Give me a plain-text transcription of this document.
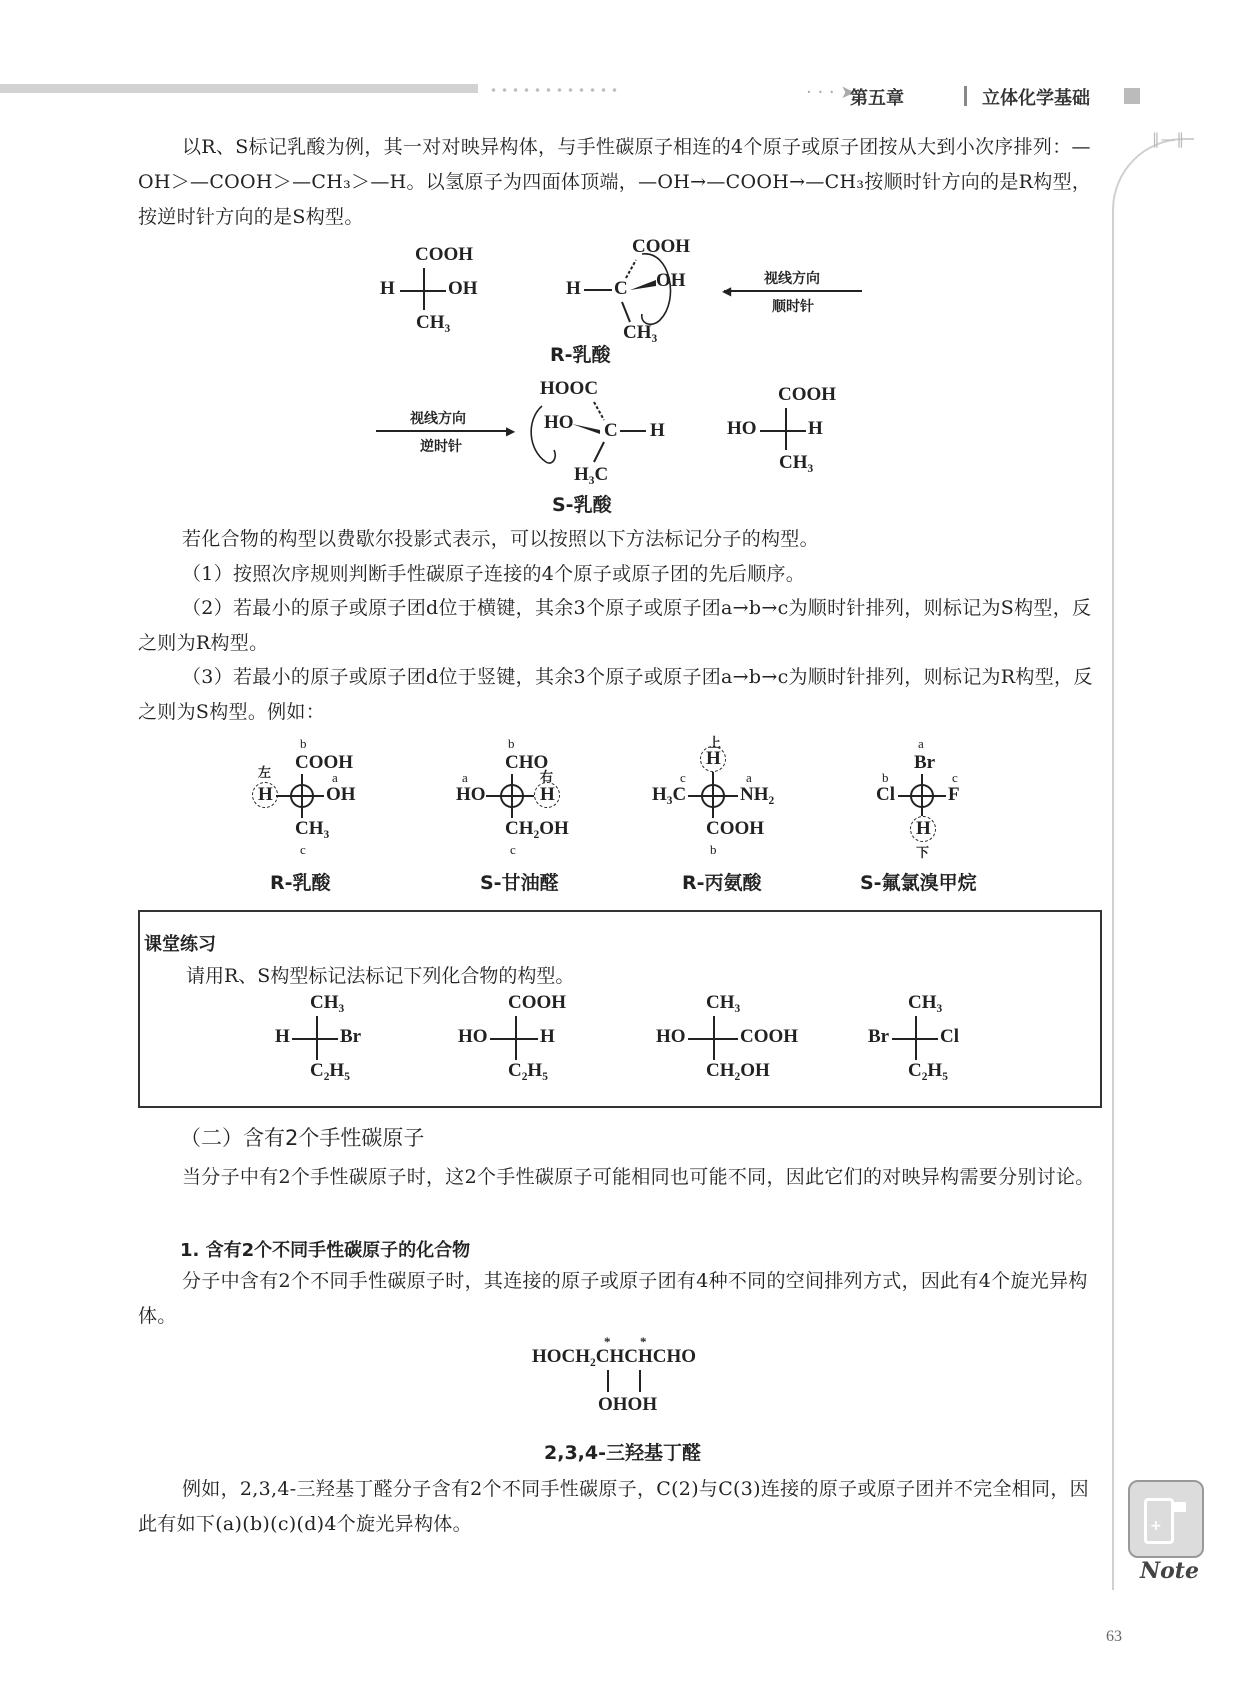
· · · ➤
第五章	立体化学基础
‖—‖

以R、S标记乳酸为例，其一对对映异构体，与手性碳原子相连的4个原子或原子团按从大到小次序排列：—OH＞—COOH＞—CH₃＞—H。以氢原子为四面体顶端，—OH→—COOH→—CH₃按顺时针方向的是R构型，按逆时针方向的是S构型。

COOH
H	OH
CH₃
COOH
H C OH
CH₃
视线方向
◀
顺时针
R-乳酸
视线方向
▶
逆时针
HOOC
HO C H
H₃C
COOH
HO	H
CH₃
S-乳酸

若化合物的构型以费歇尔投影式表示，可以按照以下方法标记分子的构型。

（1）按照次序规则判断手性碳原子连接的4个原子或原子团的先后顺序。

（2）若最小的原子或原子团d位于横键，其余3个原子或原子团a→b→c为顺时针排列，则标记为S构型，反之则为R构型。

（3）若最小的原子或原子团d位于竖键，其余3个原子或原子团a→b→c为顺时针排列，则标记为R构型，反之则为S构型。例如：

b
COOH
左	a
H	OH
CH₃
c
R-乳酸
b
CHO
右
a
HO	H
CH₂OH
c
S-甘油醛
上
H
c	a
H₃C	NH₂
COOH
b
R-丙氨酸
a
Br
b	c
Cl	F
H
下
S-氟氯溴甲烷
课堂练习
请用R、S构型标记法标记下列化合物的构型。
CH₃
H	Br
C₂H₅
COOH
HO	H
C₂H₅
CH₃
HO	COOH
CH₂OH
CH₃
Br	Cl
C₂H₅
（二）含有2个手性碳原子

当分子中有2个手性碳原子时，这2个手性碳原子可能相同也可能不同，因此它们的对映异构需要分别讨论。

1. 含有2个不同手性碳原子的化合物

分子中含有2个不同手性碳原子时，其连接的原子或原子团有4种不同的空间排列方式，因此有4个旋光异构体。

* *
HOCH₂CHCHCHO
OHOH
2,3,4-三羟基丁醛

例如，2,3,4-三羟基丁醛分子含有2个不同手性碳原子，C(2)与C(3)连接的原子或原子团并不完全相同，因此有如下(a)(b)(c)(d)4个旋光异构体。	+
Note
63
